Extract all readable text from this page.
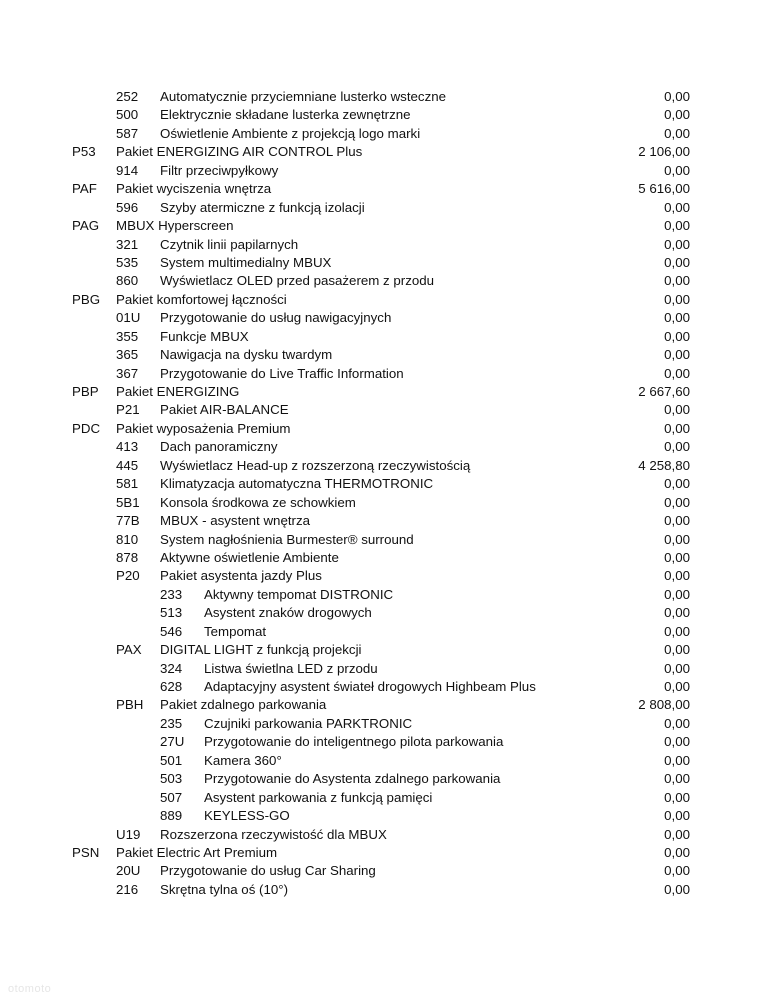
252 Automatycznie przyciemniane lusterko wsteczne	0,00
500 Elektrycznie składane lusterka zewnętrzne	0,00
587 Oświetlenie Ambiente z projekcją logo marki	0,00
P53 Pakiet ENERGIZING AIR CONTROL Plus	2 106,00
914 Filtr przeciwpyłkowy	0,00
PAF Pakiet wyciszenia wnętrza	5 616,00
596 Szyby atermiczne z funkcją izolacji	0,00
PAG MBUX Hyperscreen	0,00
321 Czytnik linii papilarnych	0,00
535 System multimedialny MBUX	0,00
860 Wyświetlacz OLED przed pasażerem z przodu	0,00
PBG Pakiet komfortowej łączności	0,00
01U Przygotowanie do usług nawigacyjnych	0,00
355 Funkcje MBUX	0,00
365 Nawigacja na dysku twardym	0,00
367 Przygotowanie do Live Traffic Information	0,00
PBP Pakiet ENERGIZING	2 667,60
P21 Pakiet AIR-BALANCE	0,00
PDC Pakiet wyposażenia Premium	0,00
413 Dach panoramiczny	0,00
445 Wyświetlacz Head-up z rozszerzoną rzeczywistością	4 258,80
581 Klimatyzacja automatyczna THERMOTRONIC	0,00
5B1 Konsola środkowa ze schowkiem	0,00
77B MBUX - asystent wnętrza	0,00
810 System nagłośnienia Burmester® surround	0,00
878 Aktywne oświetlenie Ambiente	0,00
P20 Pakiet asystenta jazdy Plus	0,00
233 Aktywny tempomat DISTRONIC	0,00
513 Asystent znaków drogowych	0,00
546 Tempomat	0,00
PAX DIGITAL LIGHT z funkcją projekcji	0,00
324 Listwa świetlna LED z przodu	0,00
628 Adaptacyjny asystent świateł drogowych Highbeam Plus	0,00
PBH Pakiet zdalnego parkowania	2 808,00
235 Czujniki parkowania PARKTRONIC	0,00
27U Przygotowanie do inteligentnego pilota parkowania	0,00
501 Kamera 360°	0,00
503 Przygotowanie do Asystenta zdalnego parkowania	0,00
507 Asystent parkowania z funkcją pamięci	0,00
889 KEYLESS-GO	0,00
U19 Rozszerzona rzeczywistość dla MBUX	0,00
PSN Pakiet Electric Art Premium	0,00
20U Przygotowanie do usług Car Sharing	0,00
216 Skrętna tylna oś (10°)	0,00
otomoto
